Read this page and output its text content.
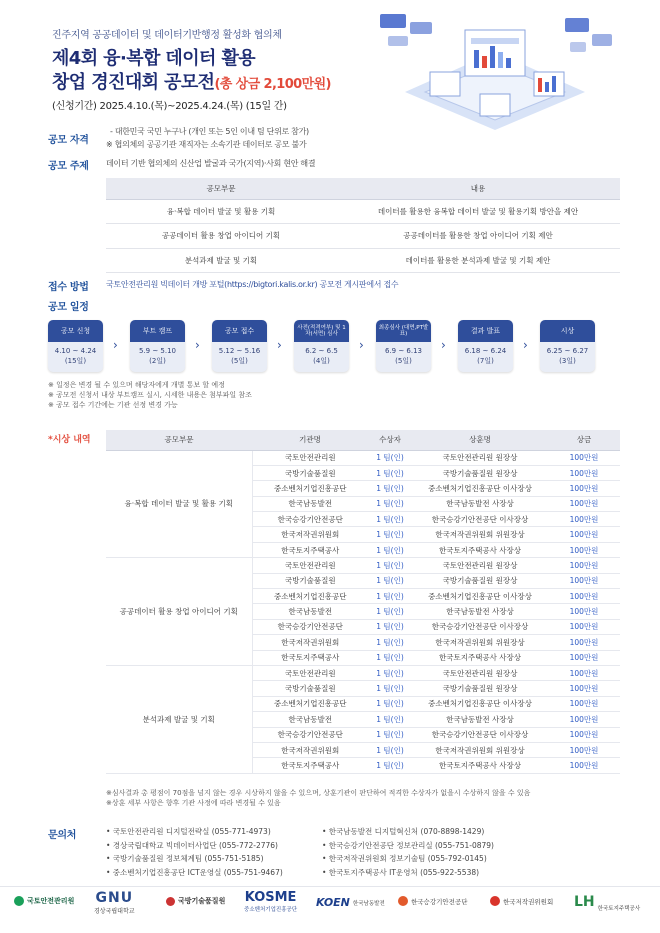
진주지역 공공데이터 및 데이터기반행정 활성화 협의체
제4회 융·복합 데이터 활용
창업 경진대회 공모전(총 상금 2,100만원)
(신청기간) 2025.4.10.(목)~2025.4.24.(목) (15일 간)
공모 자격
- 대한민국 국민 누구나 (개인 또는 5인 이내 팀 단위로 참가)
※ 협의체의 공공기관 재직자는 소속기관 데이터로 공모 불가
공모 주제 데이터 기반 협의체의 신산업 발굴과 국가(지역)·사회 현안 해결
공모부문	내용
융·복합 데이터 발굴 및 활용 기획	데이터를 활용한 융복합 데이터 발굴 및 활용기획 방안을 제안
공공데이터 활용 창업 아이디어 기획	공공데이터를 활용한 창업 아이디어 기획 제안
분석과제 발굴 및 기획	데이터를 활용한 분석과제 발굴 및 기획 제안
접수 방법 국토안전관리원 빅데이터 개방 포털(https://bigtori.kalis.or.kr) 공모전 게시판에서 접수
공모 일정
공모 신청
4.10 ~ 4.24
(15일)
›
부트 캠프
5.9 ~ 5.10
(2일)
›
공모 접수
5.12 ~ 5.16
(5일)
›
사전(적격여부) 및 1차(서면) 심사
6.2 ~ 6.5
(4일)
›
최종심사 (대면,PT발표)
6.9 ~ 6.13
(5일)
›
결과 발표
6.18 ~ 6.24
(7일)
›
시상
6.25 ~ 6.27
(3일)
※ 일정은 변경 될 수 있으며 해당자에게 개별 통보 할 예정
※ 공모전 신청서 내상 부트캠프 실시, 시세한 내용은 첨부파일 참조
※ 공모 접수 기간에는 기관 선정 변경 가능
*시상 내역	공모부문	기관명	수상자	상훈명	상금
융·복합 데이터 발굴 및 활용 기획	국토안전관리원	1 팀(인)	국토안전관리원 원장상	100만원
	국방기술품질원	1 팀(인)	국방기술품질원 원장상	100만원
	중소벤처기업진흥공단	1 팀(인)	중소벤처기업진흥공단 이사장상	100만원
	한국남동발전	1 팀(인)	한국남동발전 사장상	100만원
	한국승강기안전공단	1 팀(인)	한국승강기안전공단 이사장상	100만원
	한국저작권위원회	1 팀(인)	한국저작권위원회 위원장상	100만원
	한국토지주택공사	1 팀(인)	한국토지주택공사 사장상	100만원
공공데이터 활용 창업 아이디어 기획	국토안전관리원	1 팀(인)	국토안전관리원 원장상	100만원
	국방기술품질원	1 팀(인)	국방기술품질원 원장상	100만원
	중소벤처기업진흥공단	1 팀(인)	중소벤처기업진흥공단 이사장상	100만원
	한국남동발전	1 팀(인)	한국남동발전 사장상	100만원
	한국승강기안전공단	1 팀(인)	한국승강기안전공단 이사장상	100만원
	한국저작권위원회	1 팀(인)	한국저작권위원회 위원장상	100만원
	한국토지주택공사	1 팀(인)	한국토지주택공사 사장상	100만원
분석과제 발굴 및 기획	국토안전관리원	1 팀(인)	국토안전관리원 원장상	100만원
	국방기술품질원	1 팀(인)	국방기술품질원 원장상	100만원
	중소벤처기업진흥공단	1 팀(인)	중소벤처기업진흥공단 이사장상	100만원
	한국남동발전	1 팀(인)	한국남동발전 사장상	100만원
	한국승강기안전공단	1 팀(인)	한국승강기안전공단 이사장상	100만원
	한국저작권위원회	1 팀(인)	한국저작권위원회 위원장상	100만원
	한국토지주택공사	1 팀(인)	한국토지주택공사 사장상	100만원
※심사결과 총 평점이 70점을 넘지 않는 경우 시상하지 않을 수 있으며, 상훈기관이 판단하여 적격한 수상자가 없을시 수상하지 않을 수 있음
※상훈 세부 사항은 향후 기관 사정에 따라 변경될 수 있음
문의처	• 국토안전관리원 디지털전략실 (055-771-4973)
• 경상국립대학교 빅데이터사업단 (055-772-2776)
• 국방기술품질원 정보체계팀 (055-751-5185)
• 중소벤처기업진흥공단 ICT운영실 (055-751-9467)
• 한국남동발전 디지털혁신처 (070-8898-1429)
• 한국승강기안전공단 정보관리실 (055-751-0879)
• 한국저작권위원회 정보기술팀 (055-792-0145)
• 한국토지주택공사 IT운영처 (055-922-5538)
국토안전관리원 GNU
경상국립대학교
국방기술품질원 KOSME
중소벤처기업진흥공단
KOEN 한국남동발전	한국승강기안전공단	한국저작권위원회 LH 한국토지주택공사
